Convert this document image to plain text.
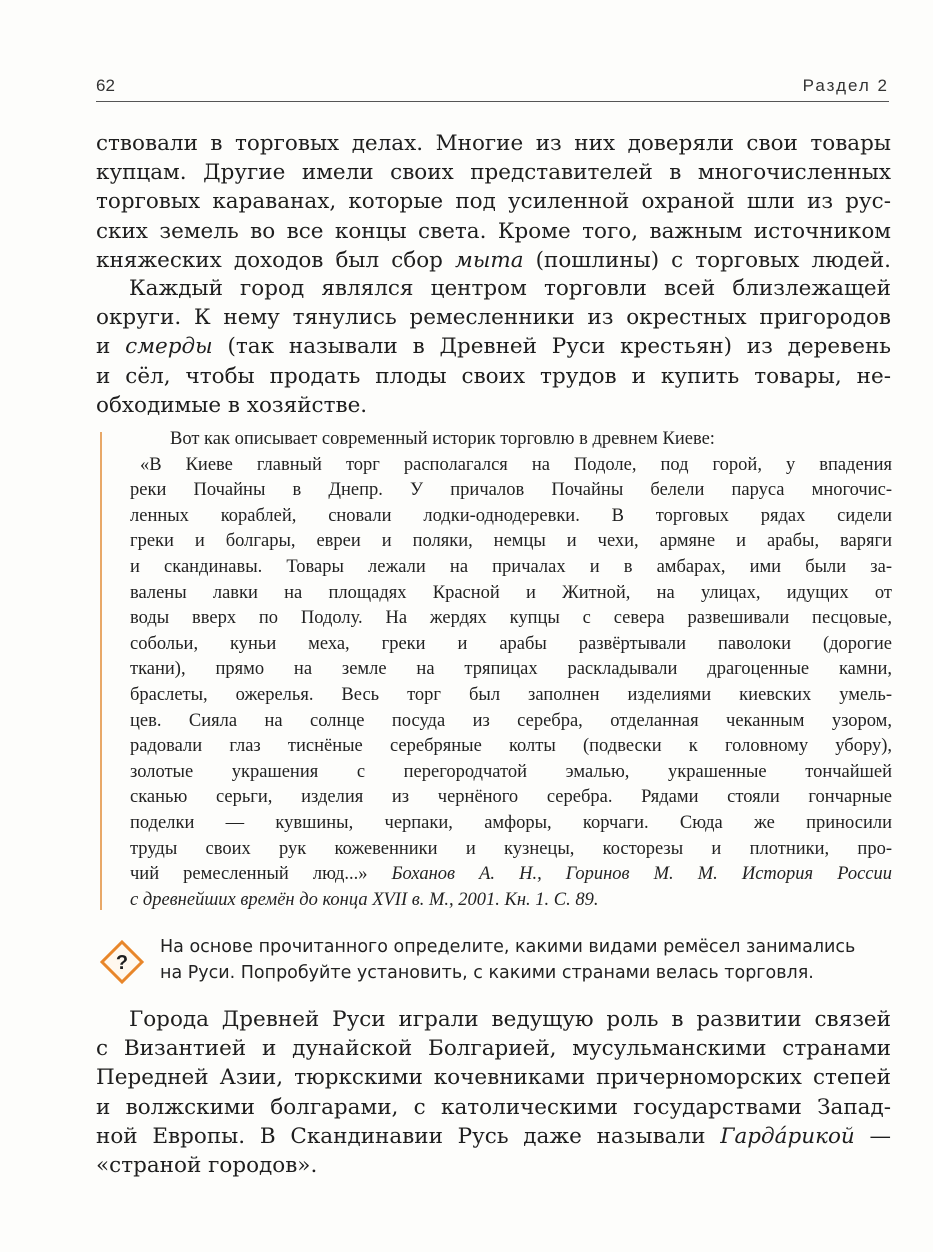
62	Раздел 2
ствовали в торговых делах. Многие из них доверяли свои товары
купцам. Другие имели своих представителей в многочисленных
торговых караванах, которые под усиленной охраной шли из рус-
ских земель во все концы света. Кроме того, важным источником
княжеских доходов был сбор мыта (пошлины) с торговых людей.
Каждый город являлся центром торговли всей близлежащей
округи. К нему тянулись ремесленники из окрестных пригородов
и смерды (так называли в Древней Руси крестьян) из деревень
и сёл, чтобы продать плоды своих трудов и купить товары, не-
обходимые в хозяйстве.
Вот как описывает современный историк торговлю в древнем Киеве:
«В Киеве главный торг располагался на Подоле, под горой, у впадения
реки Почайны в Днепр. У причалов Почайны белели паруса многочис-
ленных кораблей, сновали лодки-однодеревки. В торговых рядах сидели
греки и болгары, евреи и поляки, немцы и чехи, армяне и арабы, варяги
и скандинавы. Товары лежали на причалах и в амбарах, ими были за-
валены лавки на площадях Красной и Житной, на улицах, идущих от
воды вверх по Подолу. На жердях купцы с севера развешивали песцовые,
собольи, куньи меха, греки и арабы развёртывали паволоки (дорогие
ткани), прямо на земле на тряпицах раскладывали драгоценные камни,
браслеты, ожерелья. Весь торг был заполнен изделиями киевских умель-
цев. Сияла на солнце посуда из серебра, отделанная чеканным узором,
радовали глаз тиснёные серебряные колты (подвески к головному убору),
золотые украшения с перегородчатой эмалью, украшенные тончайшей
сканью серьги, изделия из чернёного серебра. Рядами стояли гончарные
поделки — кувшины, черпаки, амфоры, корчаги. Сюда же приносили
труды своих рук кожевенники и кузнецы, косторезы и плотники, про-
чий ремесленный люд...» Боханов А. Н., Горинов М. М. История России
с древнейших времён до конца XVII в. М., 2001. Кн. 1. С. 89.
?
На основе прочитанного определите, какими видами ремёсел занимались
на Руси. Попробуйте установить, с какими странами велась торговля.
Города Древней Руси играли ведущую роль в развитии связей
с Византией и дунайской Болгарией, мусульманскими странами
Передней Азии, тюркскими кочевниками причерноморских степей
и волжскими болгарами, с католическими государствами Запад-
ной Европы. В Скандинавии Русь даже называли Гардáрикой —
«страной городов».
